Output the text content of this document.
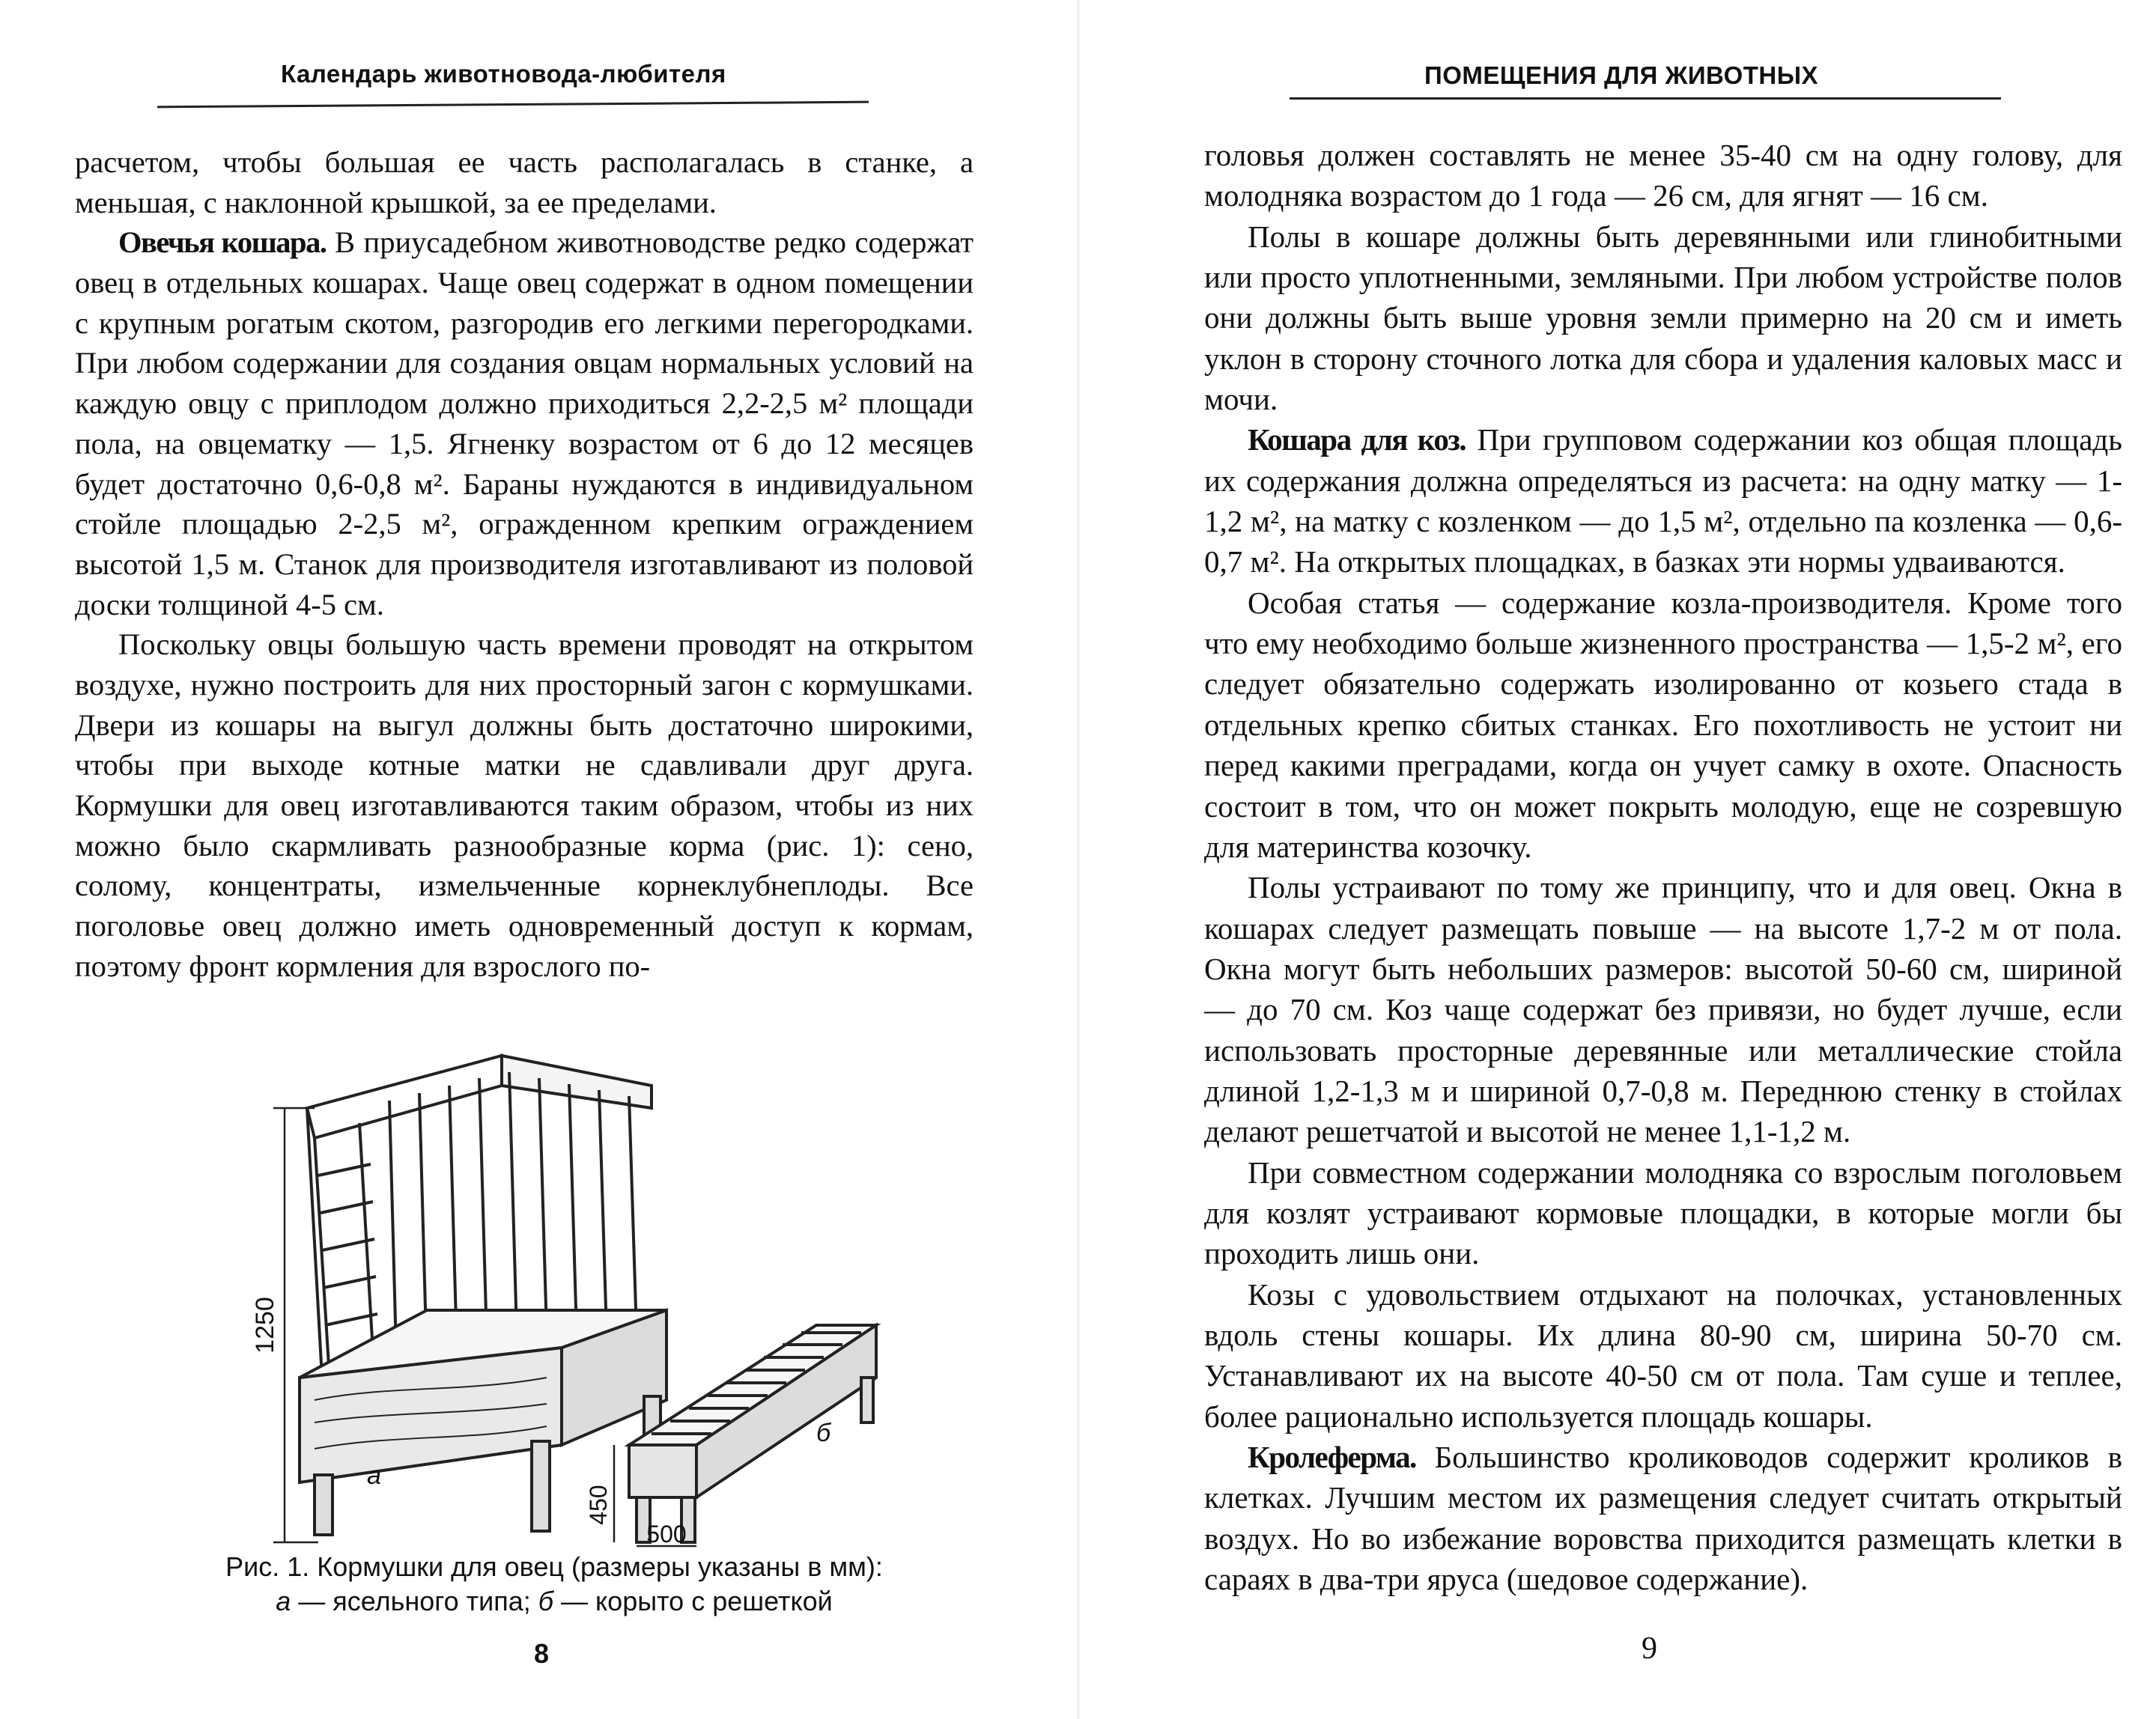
Календарь животновода-любителя

расчетом, чтобы большая ее часть располагалась в станке, а меньшая, с наклонной крышкой, за ее пределами.

Овечья кошара. В приусадебном животноводстве редко содержат овец в отдельных кошарах. Чаще овец содержат в одном помещении с крупным рогатым скотом, разгородив его легкими перегородками. При любом содержании для создания овцам нормальных условий на каждую овцу с приплодом должно приходиться 2,2-2,5 м² площади пола, на овцематку — 1,5. Ягненку возрастом от 6 до 12 месяцев будет достаточно 0,6-0,8 м². Бараны нуждаются в индивидуальном стойле площадью 2-2,5 м², огражденном крепким ограждением высотой 1,5 м. Станок для производителя изготавливают из половой доски толщиной 4-5 см.

Поскольку овцы большую часть времени проводят на открытом воздухе, нужно построить для них просторный загон с кормушками. Двери из кошары на выгул должны быть достаточно широкими, чтобы при выходе котные матки не сдавливали друг друга. Кормушки для овец изготавливаются таким образом, чтобы из них можно было скармливать разнообразные корма (рис. 1): сено, солому, концентраты, измельченные корнеклубнеплоды. Все поголовье овец должно иметь одновременный доступ к кормам, поэтому фронт кормления для взрослого по-

1250
450
500
а
б
Рис. 1. Кормушки для овец (размеры указаны в мм):
а — ясельного типа; б — корыто с решеткой
8
ПОМЕЩЕНИЯ ДЛЯ ЖИВОТНЫХ

головья должен составлять не менее 35-40 см на одну голову, для молодняка возрастом до 1 года — 26 см, для ягнят — 16 см.

Полы в кошаре должны быть деревянными или глинобитными или просто уплотненными, земляными. При любом устройстве полов они должны быть выше уровня земли примерно на 20 см и иметь уклон в сторону сточного лотка для сбора и удаления каловых масс и мочи.

Кошара для коз. При групповом содержании коз общая площадь их содержания должна определяться из расчета: на одну матку — 1-1,2 м², на матку с козленком — до 1,5 м², отдельно па козленка — 0,6-0,7 м². На открытых площадках, в базках эти нормы удваиваются.

Особая статья — содержание козла-производителя. Кроме того что ему необходимо больше жизненного пространства — 1,5-2 м², его следует обязательно содержать изолированно от козьего стада в отдельных крепко сбитых станках. Его похотливость не устоит ни перед какими преградами, когда он учует самку в охоте. Опасность состоит в том, что он может покрыть молодую, еще не созревшую для материнства козочку.

Полы устраивают по тому же принципу, что и для овец. Окна в кошарах следует размещать повыше — на высоте 1,7-2 м от пола. Окна могут быть небольших размеров: высотой 50-60 см, шириной — до 70 см. Коз чаще содержат без привязи, но будет лучше, если использовать просторные деревянные или металлические стойла длиной 1,2-1,3 м и шириной 0,7-0,8 м. Переднюю стенку в стойлах делают решетчатой и высотой не менее 1,1-1,2 м.

При совместном содержании молодняка со взрослым поголовьем для козлят устраивают кормовые площадки, в которые могли бы проходить лишь они.

Козы с удовольствием отдыхают на полочках, установленных вдоль стены кошары. Их длина 80-90 см, ширина 50-70 см. Устанавливают их на высоте 40-50 см от пола. Там суше и теплее, более рационально используется площадь кошары.

Кролеферма. Большинство кролиководов содержит кроликов в клетках. Лучшим местом их размещения следует считать открытый воздух. Но во избежание воровства приходится размещать клетки в сараях в два-три яруса (шедовое содержание).

9
